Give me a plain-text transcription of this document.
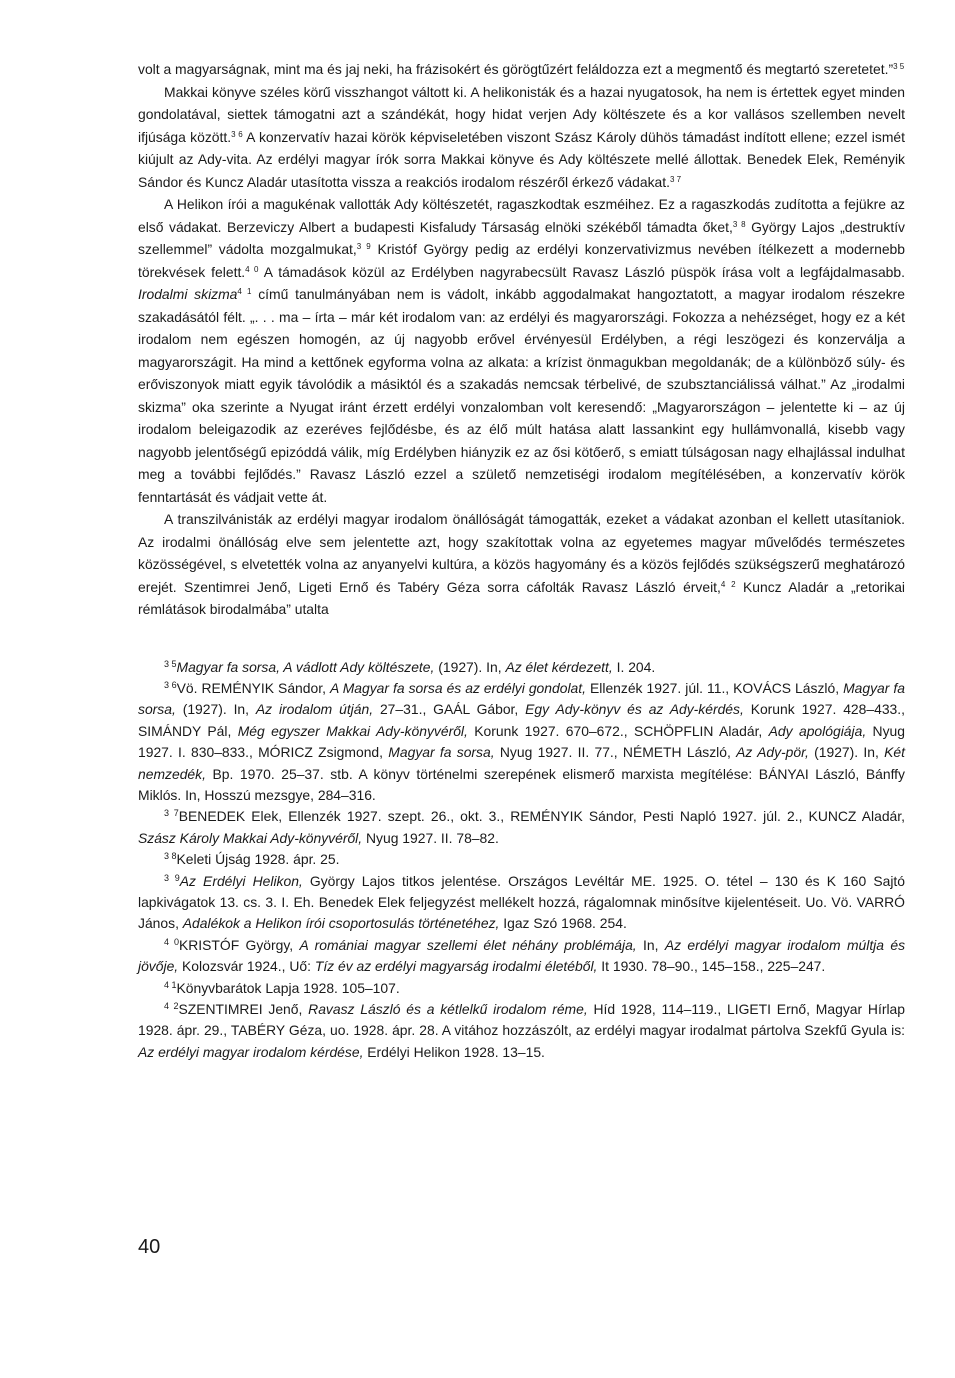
volt a magyarságnak, mint ma és jaj neki, ha frázisokért és görögtűzért feláldozza ezt a megmentő és megtartó szeretetet.”$^{3 5}$

Makkai könyve széles körű visszhangot váltott ki. A helikonisták és a hazai nyugatosok, ha nem is értettek egyet minden gondolatával, siettek támogatni azt a szándékát, hogy hidat verjen Ady költészete és a kor vallásos szellemben nevelt ifjúsága között.$^{3 6}$ A konzervatív hazai körök képviseletében viszont Szász Károly dühös támadást indított ellene; ezzel ismét kiújult az Ady-vita. Az erdélyi magyar írók sorra Makkai könyve és Ady költészete mellé állottak. Benedek Elek, Reményik Sándor és Kuncz Aladár utasította vissza a reakciós irodalom részéről érkező vádakat.$^{3 7}$

A Helikon írói a magukénak vallották Ady költészetét, ragaszkodtak eszméihez. Ez a ragaszkodás zudította a fejükre az első vádakat. Berzeviczy Albert a budapesti Kisfaludy Társaság elnöki székéből támadta őket,$^{3 8}$ György Lajos „destruktív szellemmel” vádolta mozgalmukat,$^{3 9}$ Kristóf György pedig az erdélyi konzervativizmus nevében ítélkezett a modernebb törekvések felett.$^{4 0}$ A támadások közül az Erdélyben nagyrabecsült Ravasz László püspök írása volt a legfájdalmasabb. Irodalmi skizma$^{4 1}$ című tanulmányában nem is vádolt, inkább aggodalmakat hangoztatott, a magyar irodalom részekre szakadásától félt. „. . . ma – írta – már két irodalom van: az erdélyi és magyarországi. Fokozza a nehézséget, hogy ez a két irodalom nem egészen homogén, az új nagyobb erővel érvényesül Erdélyben, a régi leszögezi és konzerválja a magyarországit. Ha mind a kettőnek egyforma volna az alkata: a krízist önmagukban megoldanák; de a különböző súly- és erőviszonyok miatt egyik távolódik a másiktól és a szakadás nemcsak térbelivé, de szubsztanciálissá válhat.” Az „irodalmi skizma” oka szerinte a Nyugat iránt érzett erdélyi vonzalomban volt keresendő: „Magyarországon – jelentette ki – az új irodalom beleigazodik az ezeréves fejlődésbe, és az élő múlt hatása alatt lassankint egy hullámvonallá, kisebb vagy nagyobb jelentőségű epizóddá válik, míg Erdélyben hiányzik ez az ősi kötőerő, s emiatt túlságosan nagy elhajlással indulhat meg a további fejlődés.” Ravasz László ezzel a születő nemzetiségi irodalom megítélésében, a konzervatív körök fenntartását és vádjait vette át.

A transzilvánisták az erdélyi magyar irodalom önállóságát támogatták, ezeket a vádakat azonban el kellett utasítaniok. Az irodalmi önállóság elve sem jelentette azt, hogy szakítottak volna az egyetemes magyar művelődés természetes közösségével, s elvetették volna az anyanyelvi kultúra, a közös hagyomány és a közös fejlődés szükségszerű meghatározó erejét. Szentimrei Jenő, Ligeti Ernő és Tabéry Géza sorra cáfolták Ravasz László érveit,$^{4 2}$ Kuncz Aladár a „retorikai rémlátások birodalmába” utalta

$^{3 5}$Magyar fa sorsa, A vádlott Ady költészete, (1927). In, Az élet kérdezett, I. 204.

$^{3 6}$Vö. REMÉNYIK Sándor, A Magyar fa sorsa és az erdélyi gondolat, Ellenzék 1927. júl. 11., KOVÁCS László, Magyar fa sorsa, (1927). In, Az irodalom útján, 27–31., GAÁL Gábor, Egy Ady-könyv és az Ady-kérdés, Korunk 1927. 428–433., SIMÁNDY Pál, Még egyszer Makkai Ady-könyvéről, Korunk 1927. 670–672., SCHÖPFLIN Aladár, Ady apológiája, Nyug 1927. I. 830–833., MÓRICZ Zsigmond, Magyar fa sorsa, Nyug 1927. II. 77., NÉMETH László, Az Ady-pör, (1927). In, Két nemzedék, Bp. 1970. 25–37. stb. A könyv történelmi szerepének elismerő marxista megítélése: BÁNYAI László, Bánffy Miklós. In, Hosszú mezsgye, 284–316.

$^{3 7}$BENEDEK Elek, Ellenzék 1927. szept. 26., okt. 3., REMÉNYIK Sándor, Pesti Napló 1927. júl. 2., KUNCZ Aladár, Szász Károly Makkai Ady-könyvéről, Nyug 1927. II. 78–82.

$^{3 8}$Keleti Újság 1928. ápr. 25.

$^{3 9}$Az Erdélyi Helikon, György Lajos titkos jelentése. Országos Levéltár ME. 1925. O. tétel – 130 és K 160 Sajtó lapkivágatok 13. cs. 3. I. Eh. Benedek Elek feljegyzést mellékelt hozzá, rágalomnak minősítve kijelentéseit. Uo. Vö. VARRÓ János, Adalékok a Helikon írói csoportosulás történetéhez, Igaz Szó 1968. 254.

$^{4 0}$KRISTÓF György, A romániai magyar szellemi élet néhány problémája, In, Az erdélyi magyar irodalom múltja és jövője, Kolozsvár 1924., Uő: Tíz év az erdélyi magyarság irodalmi életéből, It 1930. 78–90., 145–158., 225–247.

$^{4 1}$Könyvbarátok Lapja 1928. 105–107.

$^{4 2}$SZENTIMREI Jenő, Ravasz László és a kétlelkű irodalom réme, Híd 1928, 114–119., LIGETI Ernő, Magyar Hírlap 1928. ápr. 29., TABÉRY Géza, uo. 1928. ápr. 28. A vitához hozzászólt, az erdélyi magyar irodalmat pártolva Szekfű Gyula is: Az erdélyi magyar irodalom kérdése, Erdélyi Helikon 1928. 13–15.

40
